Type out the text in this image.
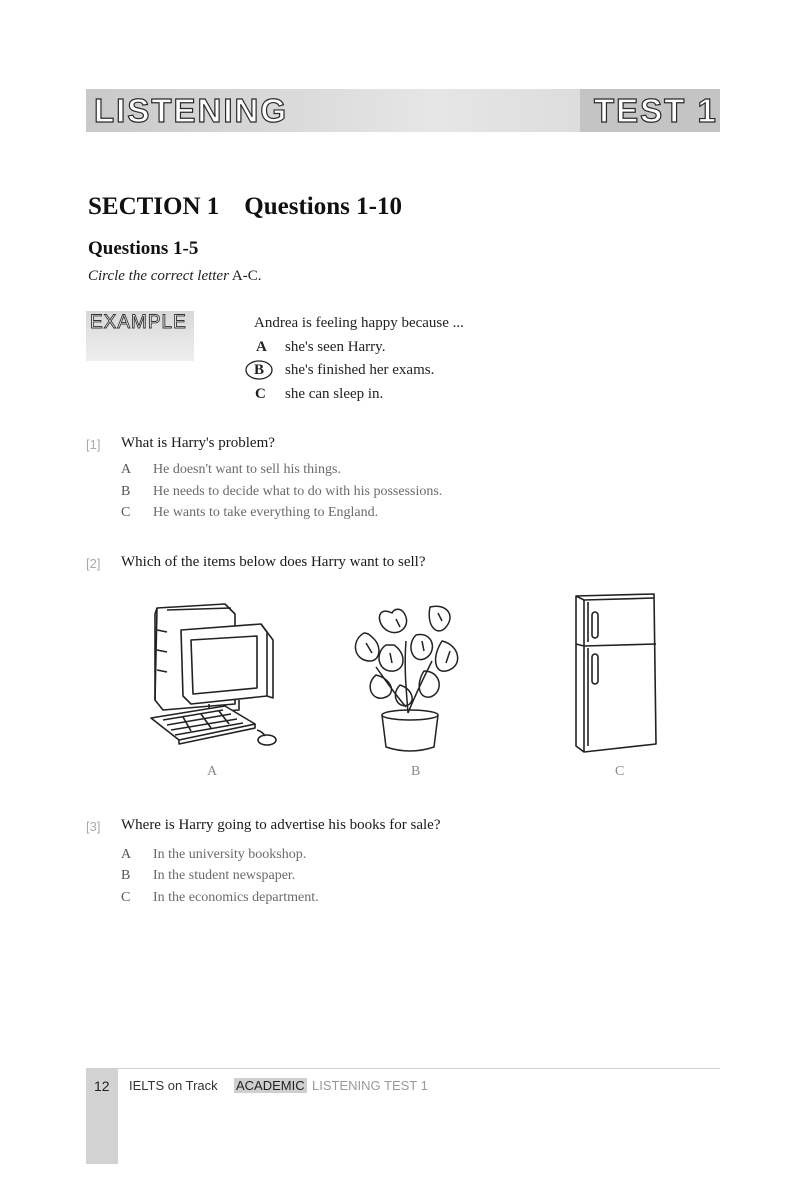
LISTENING	TEST 1
SECTION 1    Questions 1-10
Questions 1-5
Circle the correct letter A-C.
EXAMPLE	Andrea is feeling happy because ...
A she's seen Harry.
B she's finished her exams.
C she can sleep in.
[1] What is Harry's problem?
A He doesn't want to sell his things.
B He needs to decide what to do with his possessions.
C He wants to take everything to England.
[2] Which of the items below does Harry want to sell?
A	B	C
[3] Where is Harry going to advertise his books for sale?
A In the university bookshop.
B In the student newspaper.
C In the economics department.
12 IELTS on Track ACADEMIC LISTENING TEST 1
